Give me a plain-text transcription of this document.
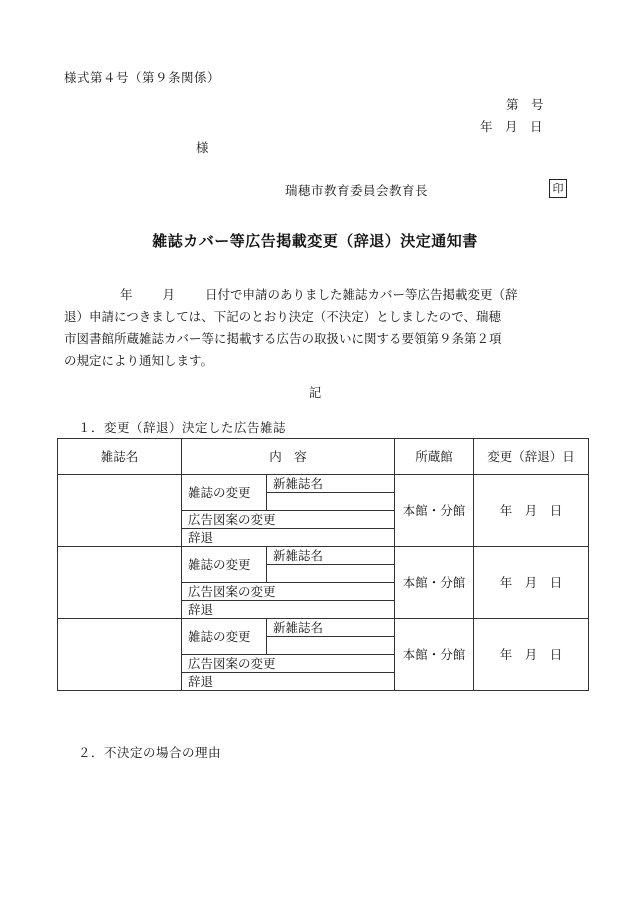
様式第４号（第９条関係）
第　号
年　月　日
様
瑞穂市教育委員会教育長	印
雑誌カバー等広告掲載変更（辞退）決定通知書
年 月 日付で申請のありました雑誌カバー等広告掲載変更（辞
退）申請につきましては、下記のとおり決定（不決定）としましたので、瑞穂
市図書館所蔵雑誌カバー等に掲載する広告の取扱いに関する要領第９条第２項
の規定により通知します。
記
１．変更（辞退）決定した広告雑誌
雑誌名	内　容		所蔵館	変更（辞退）日
	雑誌の変更	新雑誌名	本館・分館	年　月　日

	広告図案の変更			
	辞退			
	雑誌の変更	新雑誌名	本館・分館	年　月　日

	広告図案の変更			
	辞退			
	雑誌の変更	新雑誌名	本館・分館	年　月　日

	広告図案の変更			
	辞退			
２．不決定の場合の理由
